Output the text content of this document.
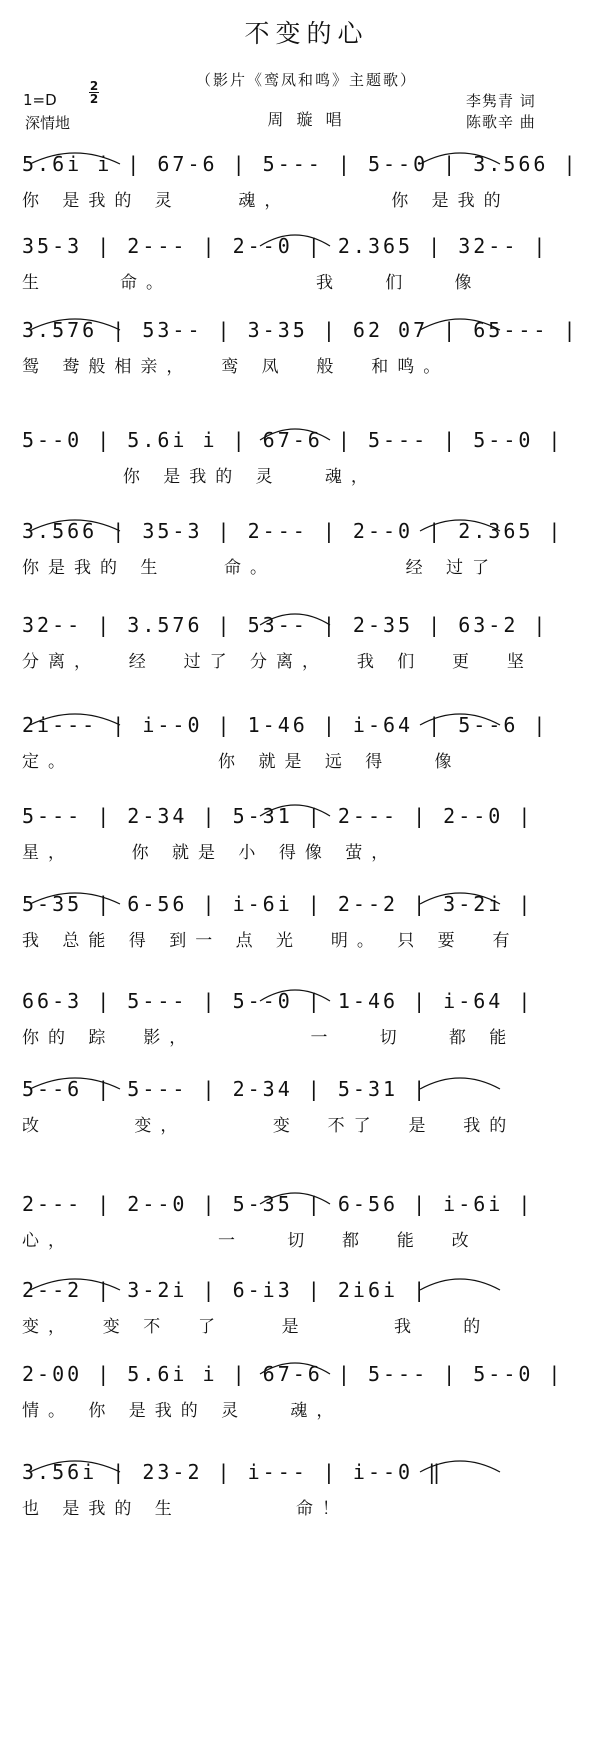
不变的心
（影片《鸾凤和鸣》主题歌）
1=D
2
2
深情地	周 璇 唱
李隽青 词
陈歌辛 曲
5.6i i | 67-6 | 5--- | 5--0 | 3.566 |
你 是我的 灵    魂，       你 是我的
35-3 | 2--- | 2--0 | 2.365 | 32-- |
生     命。          我   们   像
3.576 | 53-- | 3-35 | 62 07 | 65--- |
鸳 鸯般相亲，  鸾 凤  般  和鸣。
5--0 | 5.6i i | 67-6 | 5--- | 5--0 |
你 是我的 灵   魂，
3.566 | 35-3 | 2--- | 2--0 | 2.365 |
你是我的 生    命。         经 过了
32-- | 3.576 | 53-- | 2-35 | 63-2 |
分离，  经  过了 分离，  我 们  更  坚
2i--- | i--0 | 1-46 | i-64 | 5--6 |
定。          你 就是 远 得   像
5--- | 2-34 | 5-31 | 2--- | 2--0 |
星，    你 就是 小 得像 萤，
5-35 | 6-56 | i-6i | 2--2 | 3-2i |
我 总能 得 到一 点 光  明。 只 要  有
66-3 | 5--- | 5--0 | 1-46 | i-64 |
你的 踪  影，        一   切   都 能
5--6 | 5--- | 2-34 | 5-31 |
改      变，      变  不了  是  我的
2--- | 2--0 | 5-35 | 6-56 | i-6i |
心，          一   切  都  能  改
2--2 | 3-2i | 6-i3 | 2i6i |
变，  变 不  了    是      我   的
2-00 | 5.6i i | 67-6 | 5--- | 5--0 |
情。 你 是我的 灵   魂，
3.56i | 23-2 | i--- | i--0 ‖
也 是我的 生        命！
